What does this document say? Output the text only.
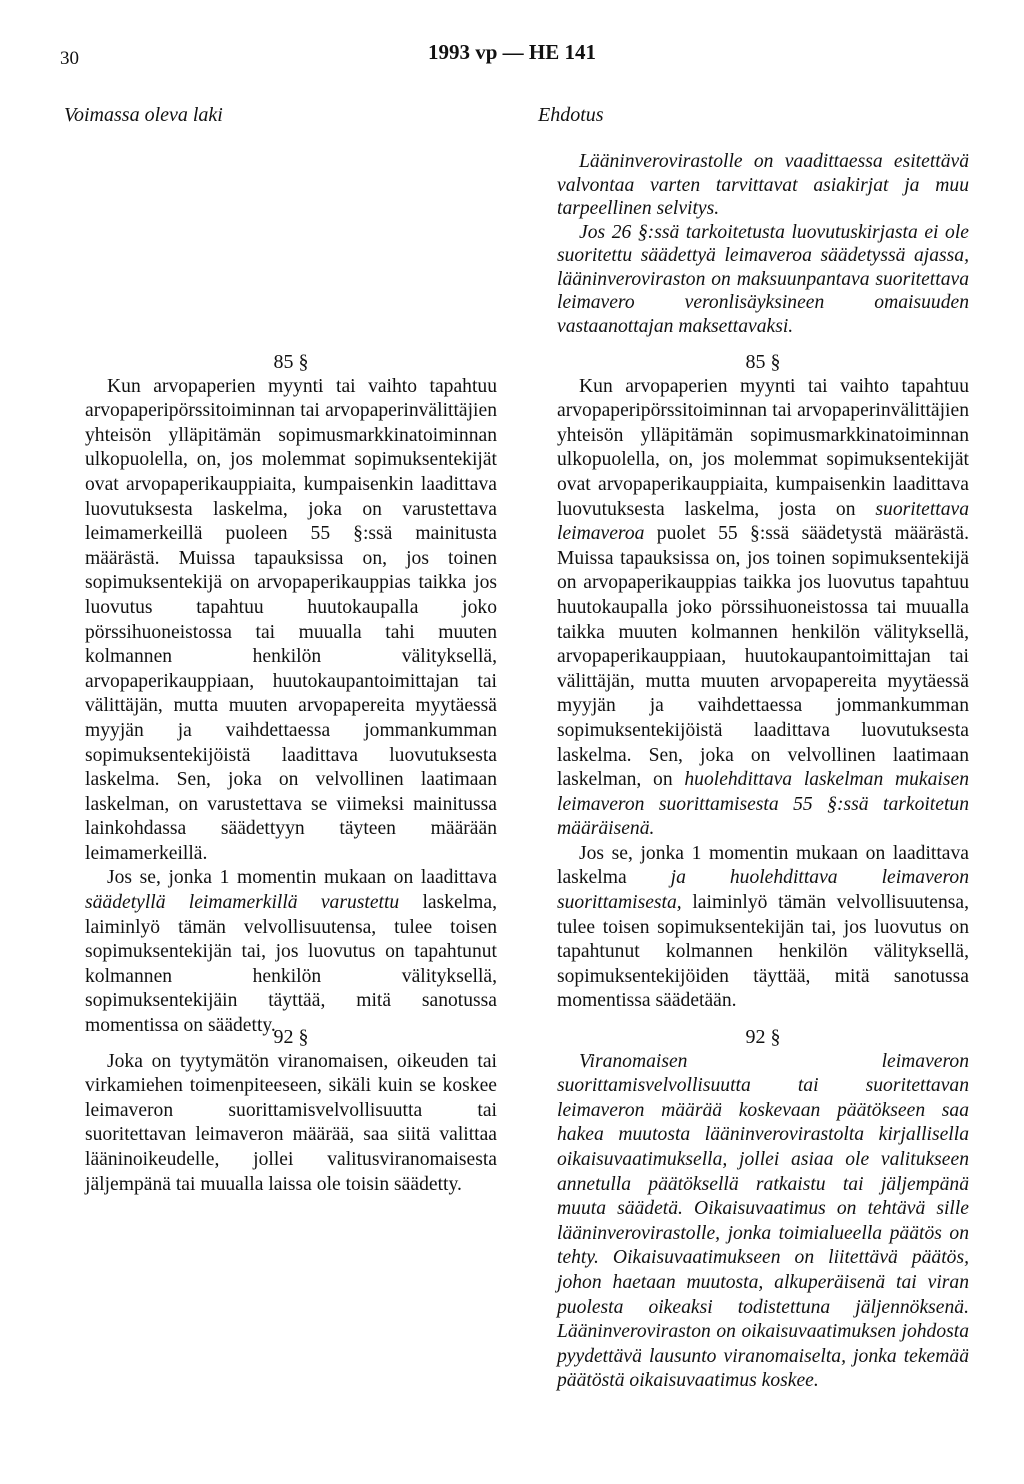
30	1993 vp — HE 141
Voimassa oleva laki	Ehdotus

Lääninverovirastolle on vaadittaessa esitettävä valvontaa varten tarvittavat asiakirjat ja muu tarpeellinen selvitys.

Jos 26 §:ssä tarkoitetusta luovutuskirjasta ei ole suoritettu säädettyä leimaveroa säädetyssä ajassa, lääninveroviraston on maksuunpantava suoritettava leimavero veronlisäyksineen omaisuuden vastaanottajan maksettavaksi.

85 §

Kun arvopaperien myynti tai vaihto tapahtuu arvopaperipörssitoiminnan tai arvopaperinvälittäjien yhteisön ylläpitämän sopimusmarkkinatoiminnan ulkopuolella, on, jos molemmat sopimuksentekijät ovat arvopaperikauppiaita, kumpaisenkin laadittava luovutuksesta laskelma, joka on varustettava leimamerkeillä puoleen 55 §:ssä mainitusta määrästä. Muissa tapauksissa on, jos toinen sopimuksentekijä on arvopaperikauppias taikka jos luovutus tapahtuu huutokaupalla joko pörssihuoneistossa tai muualla tahi muuten kolmannen henkilön välityksellä, arvopaperikauppiaan, huutokaupantoimittajan tai välittäjän, mutta muuten arvopapereita myytäessä myyjän ja vaihdettaessa jommankumman sopimuksentekijöistä laadittava luovutuksesta laskelma. Sen, joka on velvollinen laatimaan laskelman, on varustettava se viimeksi mainitussa lainkohdassa säädettyyn täyteen määrään leimamerkeillä.

Jos se, jonka 1 momentin mukaan on laadittava säädetyllä leimamerkillä varustettu laskelma, laiminlyö tämän velvollisuutensa, tulee toisen sopimuksentekijän tai, jos luovutus on tapahtunut kolmannen henkilön välityksellä, sopimuksentekijäin täyttää, mitä sanotussa momentissa on säädetty.

85 §

Kun arvopaperien myynti tai vaihto tapahtuu arvopaperipörssitoiminnan tai arvopaperinvälittäjien yhteisön ylläpitämän sopimusmarkkinatoiminnan ulkopuolella, on, jos molemmat sopimuksentekijät ovat arvopaperikauppiaita, kumpaisenkin laadittava luovutuksesta laskelma, josta on suoritettava leimaveroa puolet 55 §:ssä säädetystä määrästä. Muissa tapauksissa on, jos toinen sopimuksentekijä on arvopaperikauppias taikka jos luovutus tapahtuu huutokaupalla joko pörssihuoneistossa tai muualla taikka muuten kolmannen henkilön välityksellä, arvopaperikauppiaan, huutokaupantoimittajan tai välittäjän, mutta muuten arvopapereita myytäessä myyjän ja vaihdettaessa jommankumman sopimuksentekijöistä laadittava luovutuksesta laskelma. Sen, joka on velvollinen laatimaan laskelman, on huolehdittava laskelman mukaisen leimaveron suorittamisesta 55 §:ssä tarkoitetun määräisenä.

Jos se, jonka 1 momentin mukaan on laadittava laskelma ja huolehdittava leimaveron suorittamisesta, laiminlyö tämän velvollisuutensa, tulee toisen sopimuksentekijän tai, jos luovutus on tapahtunut kolmannen henkilön välityksellä, sopimuksentekijöiden täyttää, mitä sanotussa momentissa säädetään.

92 §

Joka on tyytymätön viranomaisen, oikeuden tai virkamiehen toimenpiteeseen, sikäli kuin se koskee leimaveron suorittamisvelvollisuutta tai suoritettavan leimaveron määrää, saa siitä valittaa lääninoikeudelle, jollei valitusviranomaisesta jäljempänä tai muualla laissa ole toisin säädetty.

92 §

Viranomaisen leimaveron suorittamisvelvollisuutta tai suoritettavan leimaveron määrää koskevaan päätökseen saa hakea muutosta lääninverovirastolta kirjallisella oikaisuvaatimuksella, jollei asiaa ole valitukseen annetulla päätöksellä ratkaistu tai jäljempänä muuta säädetä. Oikaisuvaatimus on tehtävä sille lääninverovirastolle, jonka toimialueella päätös on tehty. Oikaisuvaatimukseen on liitettävä päätös, johon haetaan muutosta, alkuperäisenä tai viran puolesta oikeaksi todistettuna jäljennöksenä. Lääninveroviraston on oikaisuvaatimuksen johdosta pyydettävä lausunto viranomaiselta, jonka tekemää päätöstä oikaisuvaatimus koskee.
